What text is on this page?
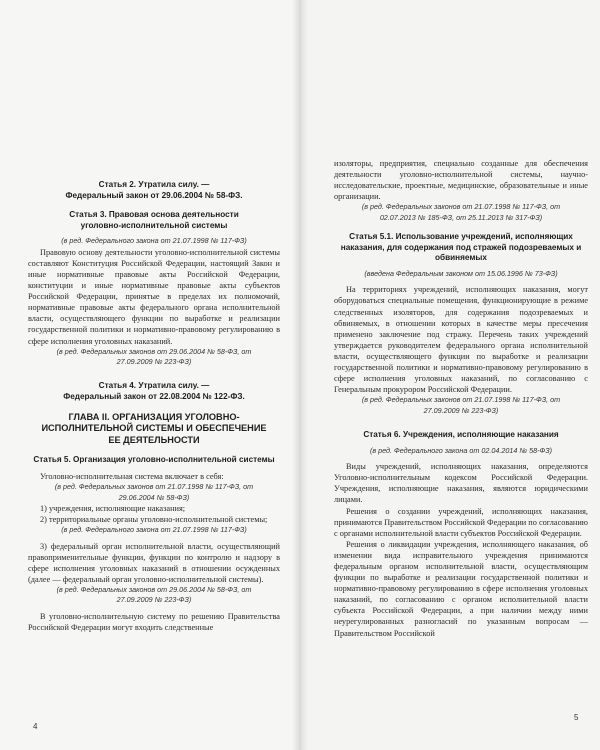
Статья 2. Утратила силу. —

Федеральный закон от 29.06.2004 № 58-ФЗ.

Статья 3. Правовая основа деятельности уголовно-исполнительной системы

(в ред. Федерального закона от 21.07.1998 № 117-ФЗ)

Правовую основу деятельности уголовно-исполнительной системы составляют Конституция Российской Федерации, настоящий Закон и иные нормативные правовые акты Российской Федерации, конституции и иные нормативные правовые акты субъектов Российской Федерации, принятые в пределах их полномочий, нормативные правовые акты федерального органа исполнительной власти, осуществляющего функции по выработке и реализации государственной политики и нормативно-правовому регулированию в сфере исполнения уголовных наказаний.

(в ред. Федеральных законов от 29.06.2004 № 58-ФЗ, от 27.09.2009 № 223-ФЗ)

Статья 4. Утратила силу. —

Федеральный закон от 22.08.2004 № 122-ФЗ.

ГЛАВА II. ОРГАНИЗАЦИЯ УГОЛОВНО-ИСПОЛНИТЕЛЬНОЙ СИСТЕМЫ И ОБЕСПЕЧЕНИЕ ЕЕ ДЕЯТЕЛЬНОСТИ

Статья 5. Организация уголовно-исполнительной системы

Уголовно-исполнительная система включает в себя:

(в ред. Федеральных законов от 21.07.1998 № 117-ФЗ, от 29.06.2004 № 58-ФЗ)

1) учреждения, исполняющие наказания;

2) территориальные органы уголовно-исполнительной системы;

(в ред. Федерального закона от 21.07.1998 № 117-ФЗ)

3) федеральный орган исполнительной власти, осуществляющий правоприменительные функции, функции по контролю и надзору в сфере исполнения уголовных наказаний в отношении осужденных (далее — федеральный орган уголовно-исполнительной системы).

(в ред. Федеральных законов от 29.06.2004 № 58-ФЗ, от 27.09.2009 № 223-ФЗ)

В уголовно-исполнительную систему по решению Правительства Российской Федерации могут входить следственные

4

изоляторы, предприятия, специально созданные для обеспечения деятельности уголовно-исполнительной системы, научно-исследовательские, проектные, медицинские, образовательные и иные организации.

(в ред. Федеральных законов от 21.07.1998 № 117-ФЗ, от 02.07.2013 № 185-ФЗ, от 25.11.2013 № 317-ФЗ)

Статья 5.1. Использование учреждений, исполняющих наказания, для содержания под стражей подозреваемых и обвиняемых

(введена Федеральным законом от 15.06.1996 № 73-ФЗ)

На территориях учреждений, исполняющих наказания, могут оборудоваться специальные помещения, функционирующие в режиме следственных изоляторов, для содержания подозреваемых и обвиняемых, в отношении которых в качестве меры пресечения применено заключение под стражу. Перечень таких учреждений утверждается руководителем федерального органа исполнительной власти, осуществляющего функции по выработке и реализации государственной политики и нормативно-правовому регулированию в сфере исполнения уголовных наказаний, по согласованию с Генеральным прокурором Российской Федерации.

(в ред. Федеральных законов от 21.07.1998 № 117-ФЗ, от 27.09.2009 № 223-ФЗ)

Статья 6. Учреждения, исполняющие наказания

(в ред. Федерального закона от 02.04.2014 № 58-ФЗ)

Виды учреждений, исполняющих наказания, определяются Уголовно-исполнительным кодексом Российской Федерации. Учреждения, исполняющие наказания, являются юридическими лицами.

Решения о создании учреждений, исполняющих наказания, принимаются Правительством Российской Федерации по согласованию с органами исполнительной власти субъектов Российской Федерации.

Решения о ликвидации учреждения, исполняющего наказания, об изменении вида исправительного учреждения принимаются федеральным органом исполнительной власти, осуществляющим функции по выработке и реализации государственной политики и нормативно-правовому регулированию в сфере исполнения уголовных наказаний, по согласованию с органом исполнительной власти субъекта Российской Федерации, а при наличии между ними неурегулированных разногласий по указанным вопросам — Правительством Российской

5
